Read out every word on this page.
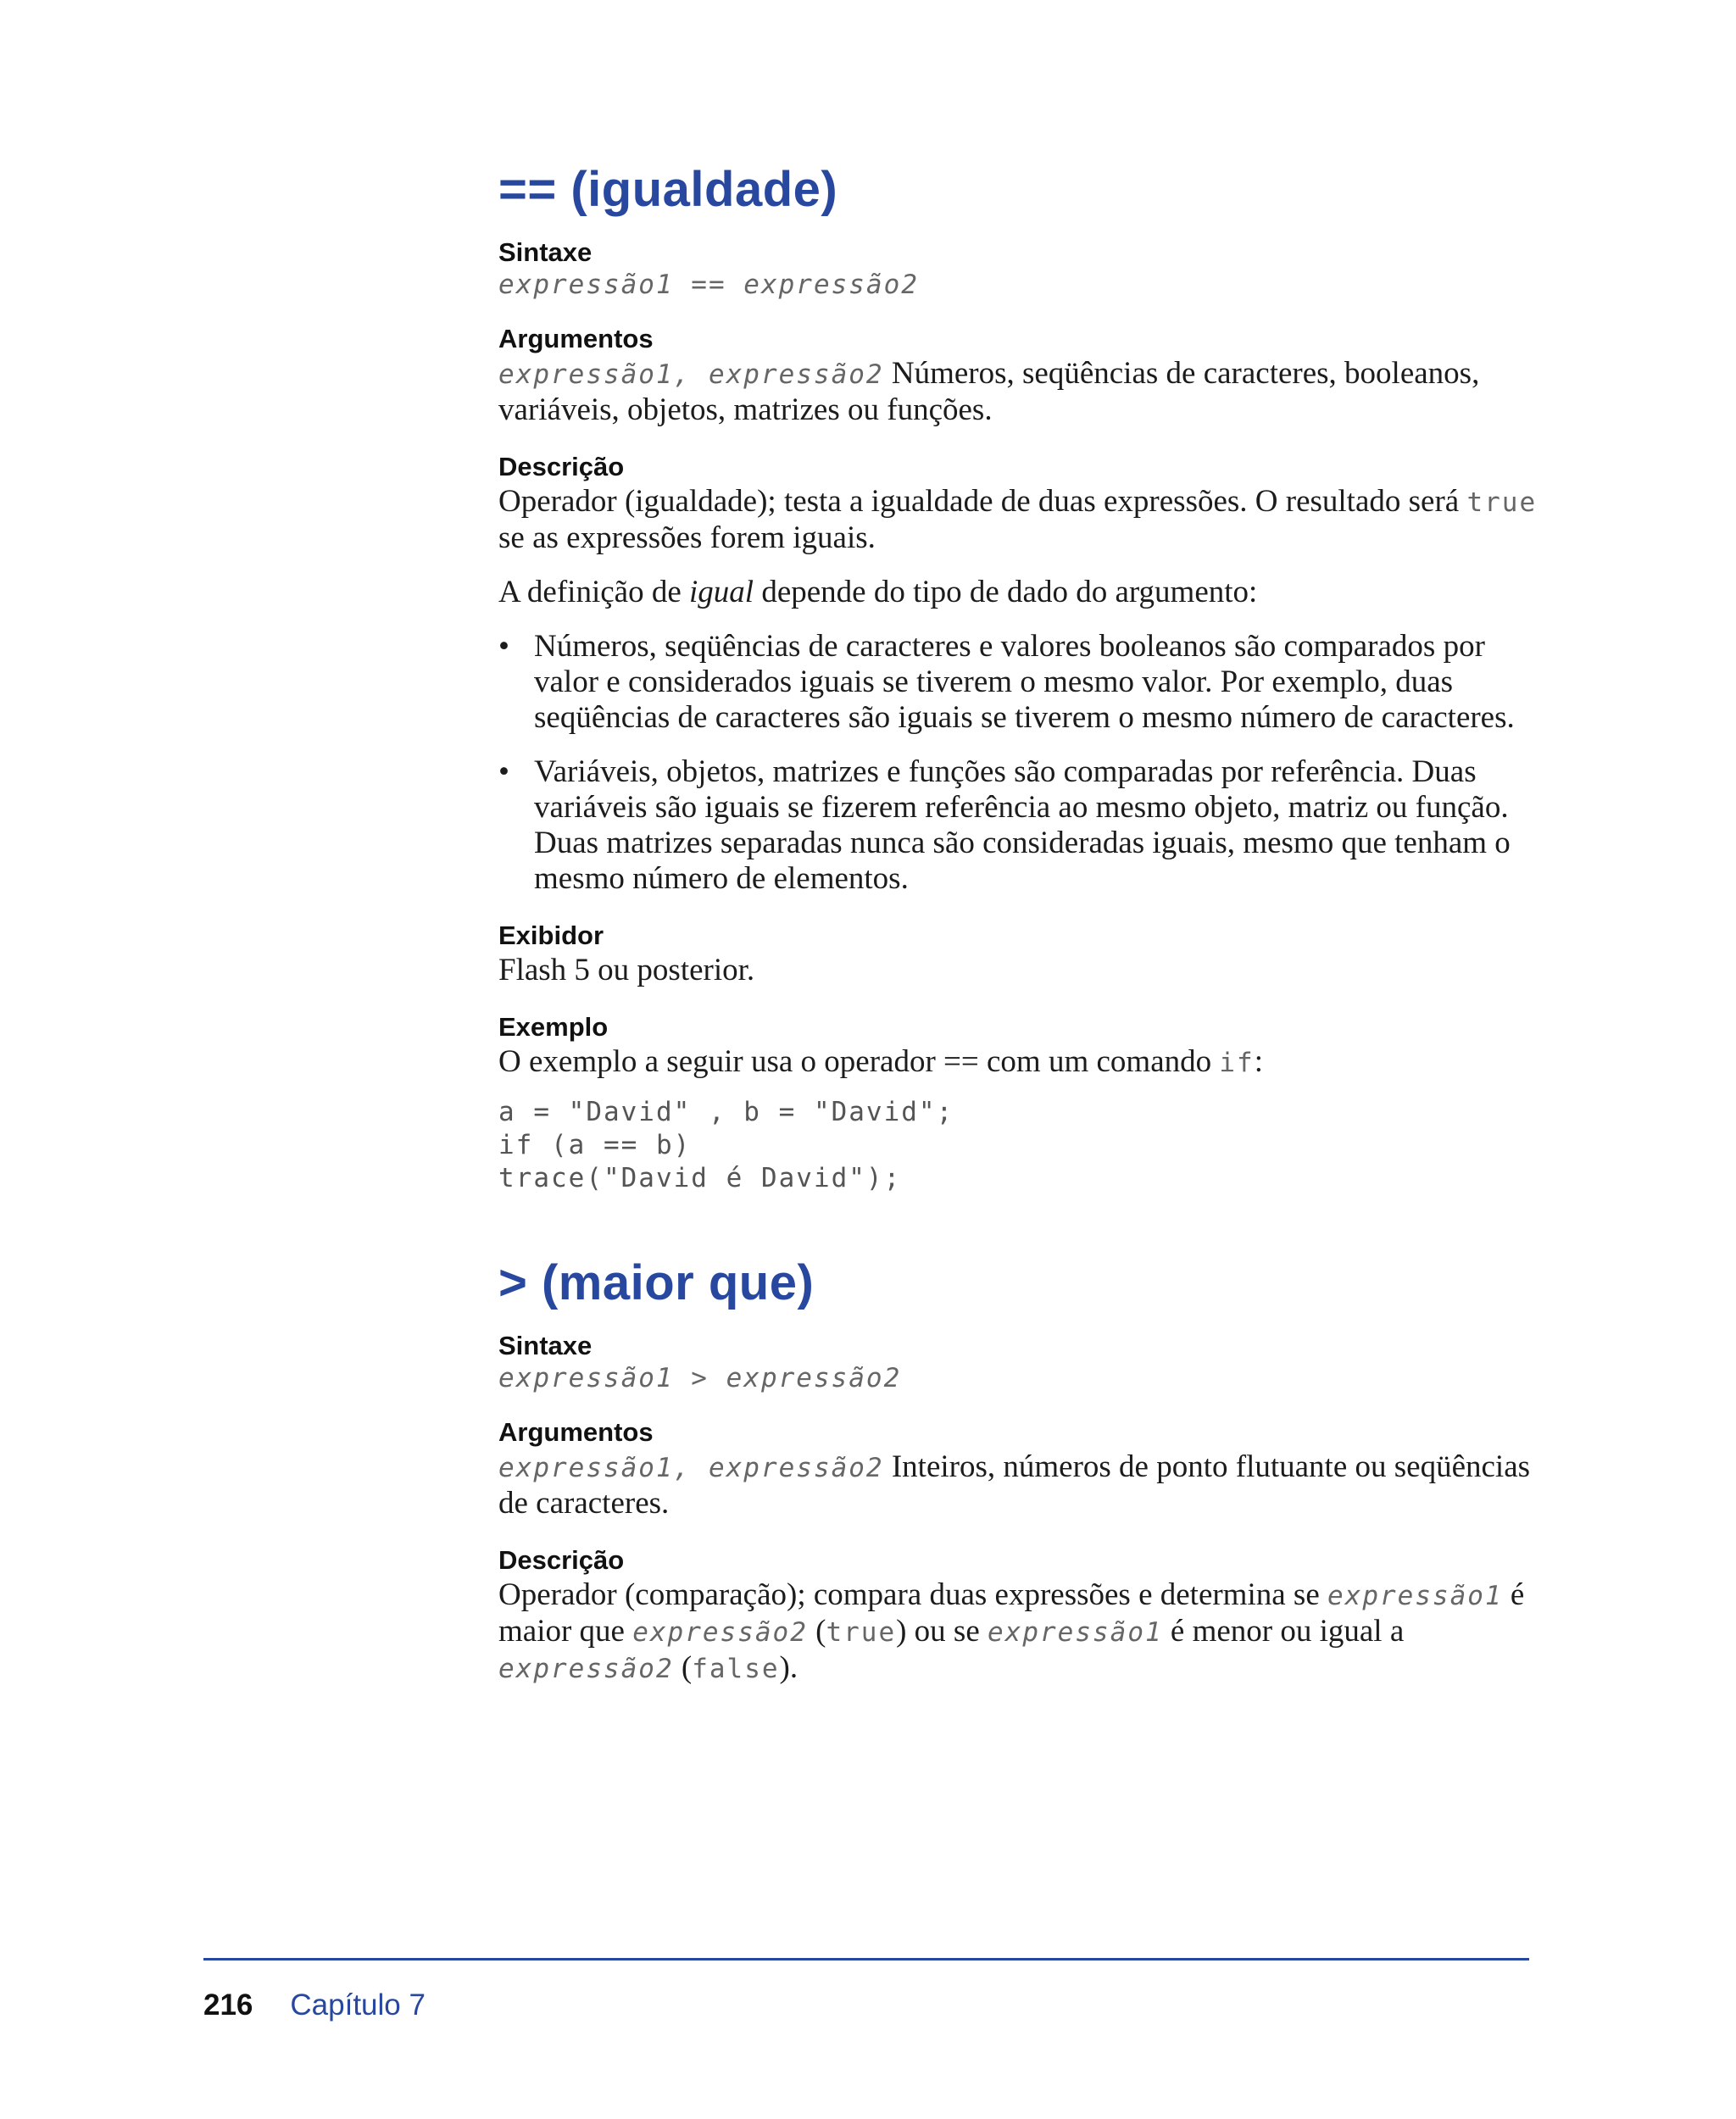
== (igualdade)
Sintaxe
expressão1 == expressão2
Argumentos
expressão1, expressão2 Números, seqüências de caracteres, booleanos, variáveis, objetos, matrizes ou funções.
Descrição
Operador (igualdade); testa a igualdade de duas expressões. O resultado será true se as expressões forem iguais.
A definição de igual depende do tipo de dado do argumento:
• Números, seqüências de caracteres e valores booleanos são comparados por valor e considerados iguais se tiverem o mesmo valor. Por exemplo, duas seqüências de caracteres são iguais se tiverem o mesmo número de caracteres.
• Variáveis, objetos, matrizes e funções são comparadas por referência. Duas variáveis são iguais se fizerem referência ao mesmo objeto, matriz ou função. Duas matrizes separadas nunca são consideradas iguais, mesmo que tenham o mesmo número de elementos.
Exibidor
Flash 5 ou posterior.
Exemplo
O exemplo a seguir usa o operador == com um comando if:
a = "David" , b = "David";
if (a == b)
trace("David é David");
> (maior que)
Sintaxe
expressão1 > expressão2
Argumentos
expressão1, expressão2 Inteiros, números de ponto flutuante ou seqüências de caracteres.
Descrição
Operador (comparação); compara duas expressões e determina se expressão1 é maior que expressão2 (true) ou se expressão1 é menor ou igual a expressão2 (false).
216 Capítulo 7
